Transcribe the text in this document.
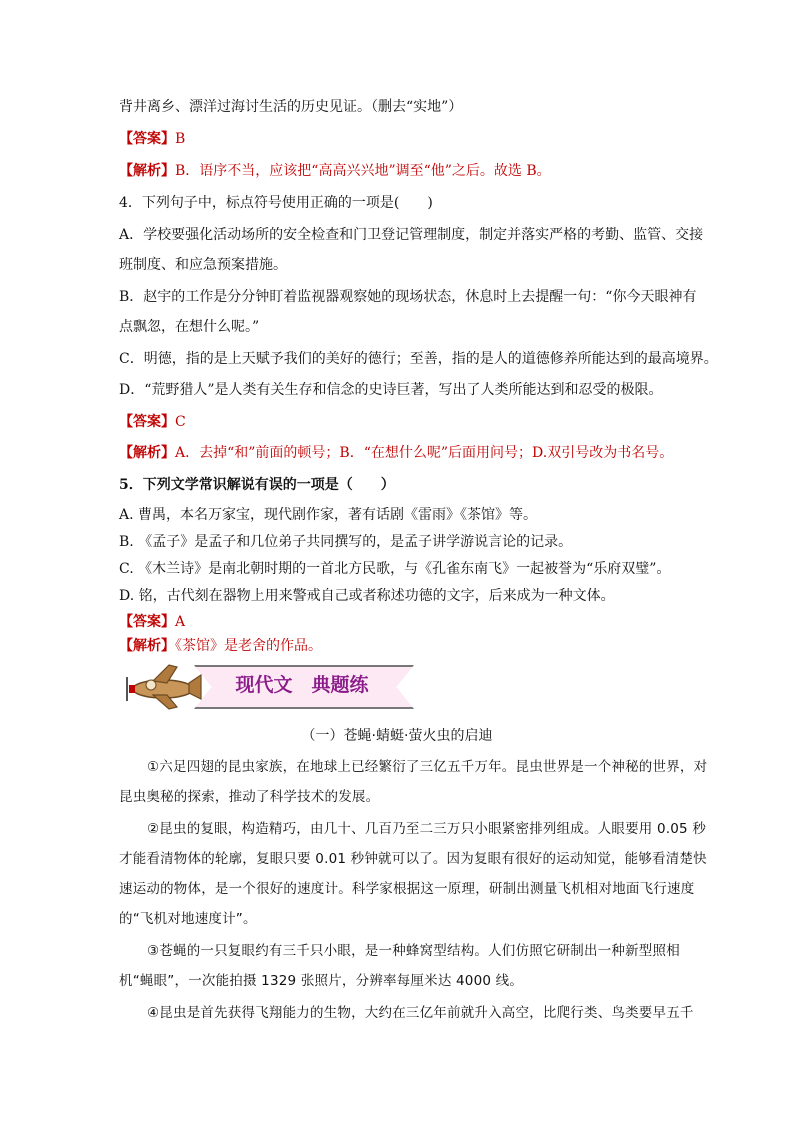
背井离乡、漂洋过海讨生活的历史见证。（删去“实地”）
【答案】B
【解析】B．语序不当，应该把“高高兴兴地”调至“他”之后。故选 B。
4．下列句子中，标点符号使用正确的一项是(　　)
A．学校要强化活动场所的安全检查和门卫登记管理制度，制定并落实严格的考勤、监管、交接
班制度、和应急预案措施。
B．赵宇的工作是分分钟盯着监视器观察她的现场状态，休息时上去提醒一句：“你今天眼神有
点飘忽，在想什么呢。”
C．明德，指的是上天赋予我们的美好的德行；至善，指的是人的道德修养所能达到的最高境界。
D．“荒野猎人”是人类有关生存和信念的史诗巨著，写出了人类所能达到和忍受的极限。
【答案】C
【解析】A．去掉“和”前面的顿号；B．“在想什么呢”后面用问号；D.双引号改为书名号。
5．下列文学常识解说有误的一项是（　　）
A. 曹禺，本名万家宝，现代剧作家，著有话剧《雷雨》《茶馆》等。
B. 《孟子》是孟子和几位弟子共同撰写的，是孟子讲学游说言论的记录。
C. 《木兰诗》是南北朝时期的一首北方民歌，与《孔雀东南飞》一起被誉为“乐府双璧”。
D. 铭，古代刻在器物上用来警戒自己或者称述功德的文字，后来成为一种文体。
【答案】A
【解析】《茶馆》是老舍的作品。
现代文　典题练
（一）苍蝇·蜻蜓·萤火虫的启迪
①六足四翅的昆虫家族，在地球上已经繁衍了三亿五千万年。昆虫世界是一个神秘的世界，对昆虫奥秘的探索，推动了科学技术的发展。
②昆虫的复眼，构造精巧，由几十、几百乃至二三万只小眼紧密排列组成。人眼要用 0.05 秒才能看清物体的轮廓，复眼只要 0.01 秒钟就可以了。因为复眼有很好的运动知觉，能够看清楚快速运动的物体，是一个很好的速度计。科学家根据这一原理，研制出测量飞机相对地面飞行速度的“飞机对地速度计”。
③苍蝇的一只复眼约有三千只小眼，是一种蜂窝型结构。人们仿照它研制出一种新型照相机“蝇眼”，一次能拍摄 1329 张照片，分辨率每厘米达 4000 线。
④昆虫是首先获得飞翔能力的生物，大约在三亿年前就升入高空，比爬行类、鸟类要早五千
